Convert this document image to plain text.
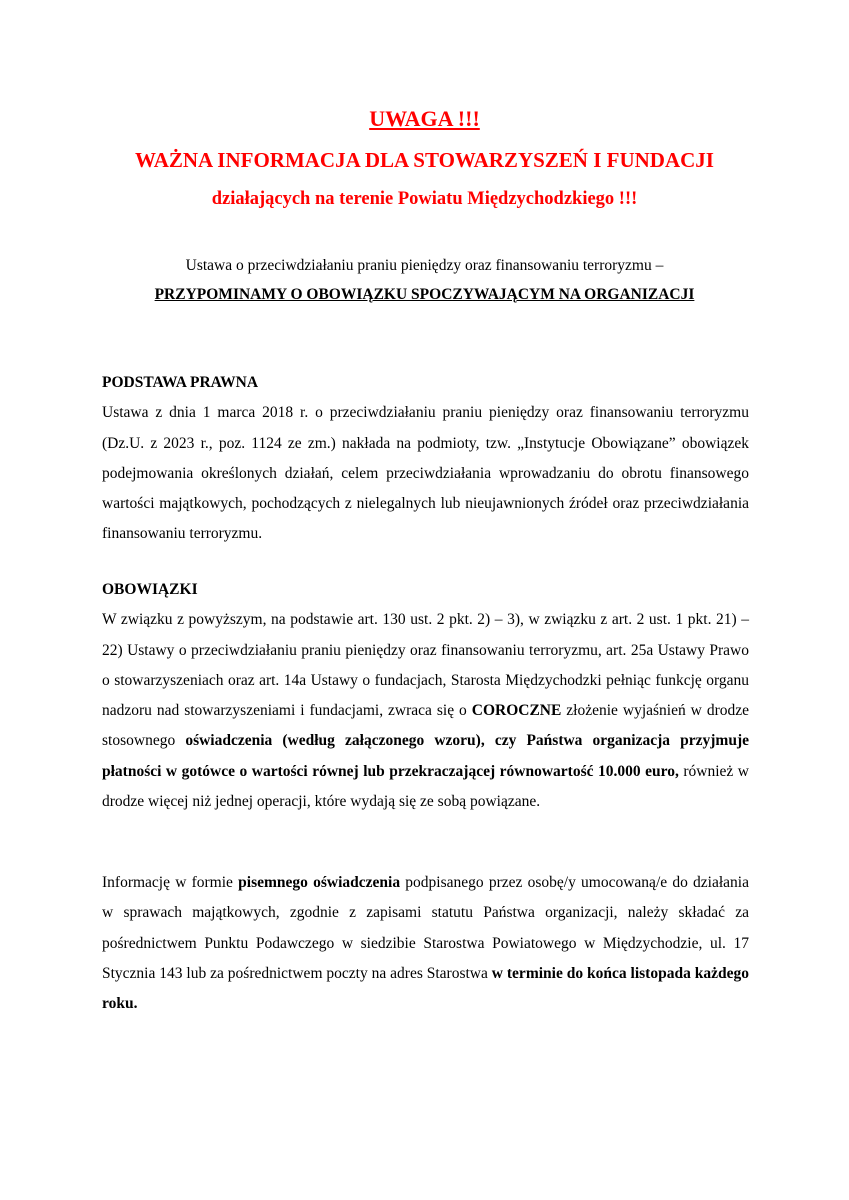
UWAGA !!!
WAŻNA INFORMACJA DLA STOWARZYSZEŃ I FUNDACJI
działających na terenie Powiatu Międzychodzkiego !!!
Ustawa o przeciwdziałaniu praniu pieniędzy oraz finansowaniu terroryzmu –
PRZYPOMINAMY O OBOWIĄZKU SPOCZYWAJĄCYM NA ORGANIZACJI
PODSTAWA PRAWNA
Ustawa z dnia 1 marca 2018 r. o przeciwdziałaniu praniu pieniędzy oraz finansowaniu terroryzmu (Dz.U. z 2023 r., poz. 1124 ze zm.) nakłada na podmioty, tzw. „Instytucje Obowiązane” obowiązek podejmowania określonych działań, celem przeciwdziałania wprowadzaniu do obrotu finansowego wartości majątkowych, pochodzących z nielegalnych lub nieujawnionych źródeł oraz przeciwdziałania finansowaniu terroryzmu.
OBOWIĄZKI
W związku z powyższym, na podstawie art. 130 ust. 2 pkt. 2) – 3), w związku z art. 2 ust. 1 pkt. 21) – 22) Ustawy o przeciwdziałaniu praniu pieniędzy oraz finansowaniu terroryzmu, art. 25a Ustawy Prawo o stowarzyszeniach oraz art. 14a Ustawy o fundacjach, Starosta Międzychodzki pełniąc funkcję organu nadzoru nad stowarzyszeniami i fundacjami, zwraca się o COROCZNE złożenie wyjaśnień w drodze stosownego oświadczenia (według załączonego wzoru), czy Państwa organizacja przyjmuje płatności w gotówce o wartości równej lub przekraczającej równowartość 10.000 euro, również w drodze więcej niż jednej operacji, które wydają się ze sobą powiązane.
Informację w formie pisemnego oświadczenia podpisanego przez osobę/y umocowaną/e do działania w sprawach majątkowych, zgodnie z zapisami statutu Państwa organizacji, należy składać za pośrednictwem Punktu Podawczego w siedzibie Starostwa Powiatowego w Międzychodzie, ul. 17 Stycznia 143 lub za pośrednictwem poczty na adres Starostwa w terminie do końca listopada każdego roku.
